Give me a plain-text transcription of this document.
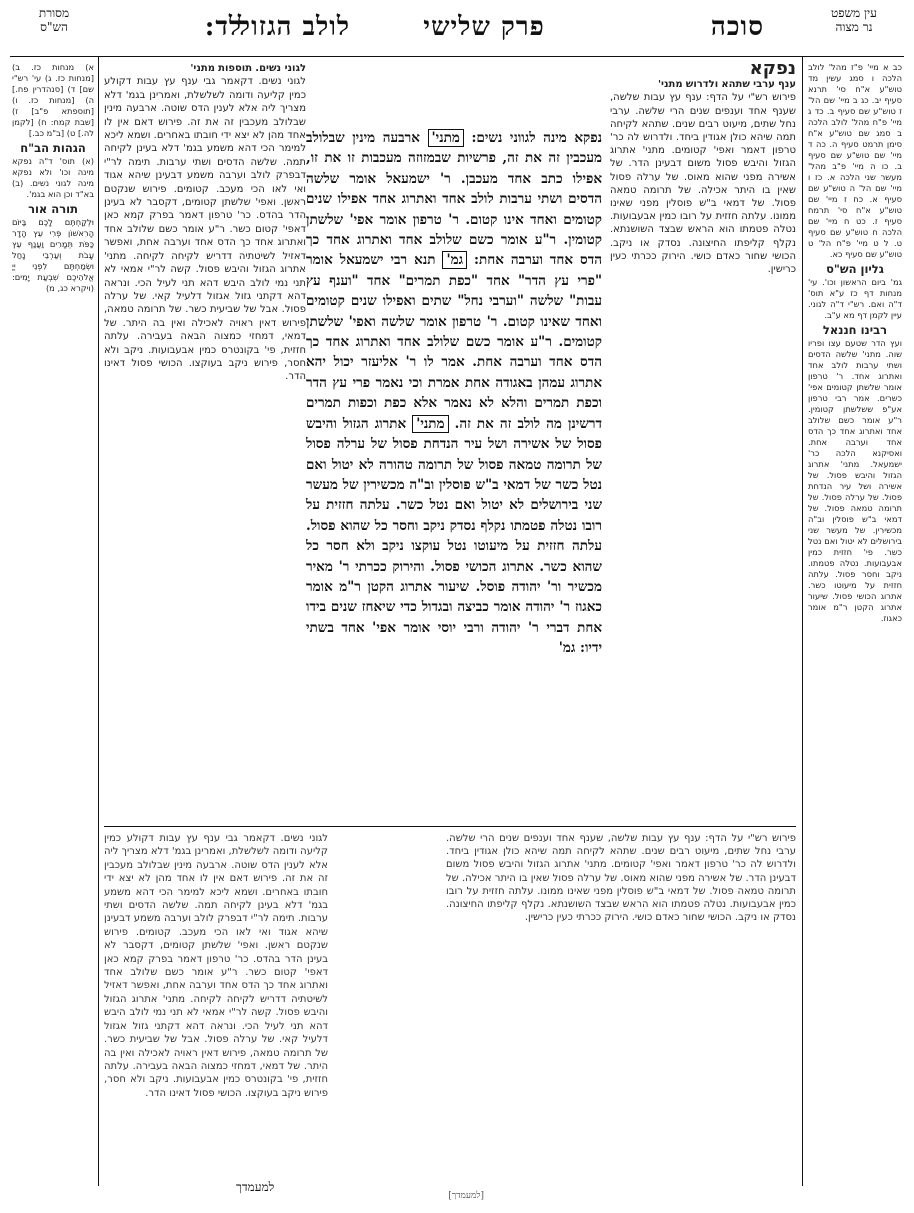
עין משפט
נר מצוה
לד:
לולב הגזול	פרק שלישי	סוכה
מסורת
הש"ס

כב א מיי' פ"ז מהל' לולב הלכה ו סמג עשין מד טוש"ע א"ח סי' תרנא סעיף יב. כג ב מיי' שם הל' ז טוש"ע שם סעיף ב. כד ג מיי' פ"ח מהל' לולב הלכה ב סמג שם טוש"ע א"ח סימן תרמט סעיף ה. כה ד מיי' שם טוש"ע שם סעיף ב. כו ה מיי' פ"ב מהל' מעשר שני הלכה א. כז ו מיי' שם הל' ה טוש"ע שם סעיף א. כח ז מיי' שם טוש"ע א"ח סי' תרמח סעיף ז. כט ח מיי' שם הלכה ח טוש"ע שם סעיף ט. ל ט מיי' פ"ח הל' ט טוש"ע שם סעיף כא.

גליון הש"ס

גמ' ביום הראשון וכו'. עי' מנחות דף כז ע"א תוס' ד"ה ואם. רש"י ד"ה לגוני. עיין לקמן דף מא ע"ב.

רבינו חננאל

ועץ הדר שטעם עצו ופריו שוה. מתני' שלשה הדסים ושתי ערבות לולב אחד ואתרוג אחד. ר' טרפון אומר שלשתן קטומים אפי' כשרים. אמר רבי טרפון אע"פ ששלשתן קטומין. ר"ע אומר כשם שלולב אחד ואתרוג אחד כך הדס אחד וערבה אחת. ואסיקנא הלכה כר' ישמעאל. מתני' אתרוג הגזול והיבש פסול. של אשירה ושל עיר הנדחת פסול. של ערלה פסול. של תרומה טמאה פסול. של דמאי ב"ש פוסלין וב"ה מכשירין. של מעשר שני בירושלים לא יטול ואם נטל כשר. פי' חזזית כמין אבעבועות. נטלה פטמתו. ניקב וחסר פסול. עלתה חזזית על מיעוטו כשר. אתרוג הכושי פסול. שיעור אתרוג הקטן ר"מ אומר כאגוז.

א) מנחות כז. ב) [מנחות כז. ג) עי' רש"י שם] ד) [סנהדרין פח.] ה) [מנחות כז. ו) [תוספתא פ"ב] ז) [שבת קמח: ח) [לקמן לה.] ט) [ב"מ כב.]

הגהות הב"ח

(א) תוס' ד"ה נפקא מינה וכו' ולא נפקא מינה לגוני נשים. (ב) בא"ד וכן הוא בגמ'.

תורה אור

וּלְקַחְתֶּם לָכֶם בַּיּוֹם הָרִאשׁוֹן פְּרִי עֵץ הָדָר כַּפֹּת תְּמָרִים וַעֲנַף עֵץ עָבֹת וְעַרְבֵי נָחַל וּשְׂמַחְתֶּם לִפְנֵי יְיָ אֱלֹהֵיכֶם שִׁבְעַת יָמִים: (ויקרא כג, מ)

נפקא

ענף ערבי שתהא ולדרוש מתני'

פירוש רש"י על הדף: ענף עץ עבות שלשה, שענף אחד וענפים שנים הרי שלשה. ערבי נחל שתים, מיעוט רבים שנים. שתהא לקיחה תמה שיהא כולן אגודין ביחד. ולדרוש לה כר' טרפון דאמר ואפי' קטומים. מתני' אתרוג הגזול והיבש פסול משום דבעינן הדר. של אשירה מפני שהוא מאוס. של ערלה פסול שאין בו היתר אכילה. של תרומה טמאה פסול. של דמאי ב"ש פוסלין מפני שאינו ממונו. עלתה חזזית על רובו כמין אבעבועות. נטלה פטמתו הוא הראש שבצד השושנתא. נקלף קליפתו החיצונה. נסדק או ניקב. הכושי שחור כאדם כושי. הירוק ככרתי כעין כרישין.

לגוני נשים. תוספות מתני'

לגוני נשים. דקאמר גבי ענף עץ עבות דקולע כמין קליעה ודומה לשלשלת, ואמרינן בגמ' דלא מצריך ליה אלא לענין הדס שוטה. ארבעה מינין שבלולב מעכבין זה את זה. פירוש דאם אין לו אחד מהן לא יצא ידי חובתו באחרים. ושמא ליכא למימר הכי דהא משמע בגמ' דלא בעינן לקיחה תמה. שלשה הדסים ושתי ערבות. תימה לר"י דבפרק לולב וערבה משמע דבעינן שיהא אגוד ואי לאו הכי מעכב. קטומים. פירוש שנקטם ראשן. ואפי' שלשתן קטומים, דקסבר לא בעינן הדר בהדס. כר' טרפון דאמר בפרק קמא כאן דאפי' קטום כשר. ר"ע אומר כשם שלולב אחד ואתרוג אחד כך הדס אחד וערבה אחת, ואפשר דאזיל לשיטתיה דדריש לקיחה לקיחה. מתני' אתרוג הגזול והיבש פסול. קשה לר"י אמאי לא תני נמי לולב היבש דהא תני לעיל הכי. ונראה דהא דקתני גזול אגזול דלעיל קאי. של ערלה פסול. אבל של שביעית כשר. של תרומה טמאה, פירוש דאין ראויה לאכילה ואין בה היתר. של דמאי, דמחזי כמצוה הבאה בעבירה. עלתה חזזית, פי' בקונטרס כמין אבעבועות. ניקב ולא חסר, פירוש ניקב בעוקצו. הכושי פסול דאינו הדר.

נפקא מינה לגווני נשים: מתני' ארבעה מינין שבלולב מעכבין זה את זה, פרשיות שבמזוזה מעכבות זו את זו, אפילו כתב אחד מעכבן. ר' ישמעאל אומר שלשה הדסים ושתי ערבות לולב אחד ואתרוג אחד אפילו שנים קטומים ואחד אינו קטום. ר' טרפון אומר אפי' שלשתן קטומין. ר"ע אומר כשם שלולב אחד ואתרוג אחד כך הדס אחד וערבה אחת: גמ' תנא רבי ישמעאל אומר "פרי עץ הדר" אחד "כפת תמרים" אחד "וענף עץ עבות" שלשה "וערבי נחל" שתים ואפילו שנים קטומים ואחד שאינו קטום. ר' טרפון אומר שלשה ואפי' שלשתן קטומים. ר"ע אומר כשם שלולב אחד ואתרוג אחד כך הדס אחד וערבה אחת. אמר לו ר' אליעזר יכול יהא אתרוג עמהן באגודה אחת אמרת וכי נאמר פרי עץ הדר וכפת תמרים והלא לא נאמר אלא כפת וכפות תמרים דרשינן מה לולב זה את זה. מתני' אתרוג הגזול והיבש פסול של אשירה ושל עיר הנדחת פסול של ערלה פסול של תרומה טמאה פסול של תרומה טהורה לא יטול ואם נטל כשר של דמאי ב"ש פוסלין וב"ה מכשירין של מעשר שני בירושלים לא יטול ואם נטל כשר. עלתה חזזית על רובו נטלה פטמתו נקלף נסדק ניקב וחסר כל שהוא פסול. עלתה חזזית על מיעוטו נטל עוקצו ניקב ולא חסר כל שהוא כשר. אתרוג הכושי פסול. והירוק ככרתי ר' מאיר מכשיר ור' יהודה פוסל. שיעור אתרוג הקטן ר"מ אומר כאגוז ר' יהודה אומר כביצה ובגדול כדי שיאחז שנים בידו אחת דברי ר' יהודה ורבי יוסי אומר אפי' אחד בשתי ידיו: גמ'

פירוש רש"י על הדף: ענף עץ עבות שלשה, שענף אחד וענפים שנים הרי שלשה. ערבי נחל שתים, מיעוט רבים שנים. שתהא לקיחה תמה שיהא כולן אגודין ביחד. ולדרוש לה כר' טרפון דאמר ואפי' קטומים. מתני' אתרוג הגזול והיבש פסול משום דבעינן הדר. של אשירה מפני שהוא מאוס. של ערלה פסול שאין בו היתר אכילה. של תרומה טמאה פסול. של דמאי ב"ש פוסלין מפני שאינו ממונו. עלתה חזזית על רובו כמין אבעבועות. נטלה פטמתו הוא הראש שבצד השושנתא. נקלף קליפתו החיצונה. נסדק או ניקב. הכושי שחור כאדם כושי. הירוק ככרתי כעין כרישין.

לגוני נשים. דקאמר גבי ענף עץ עבות דקולע כמין קליעה ודומה לשלשלת, ואמרינן בגמ' דלא מצריך ליה אלא לענין הדס שוטה. ארבעה מינין שבלולב מעכבין זה את זה. פירוש דאם אין לו אחד מהן לא יצא ידי חובתו באחרים. ושמא ליכא למימר הכי דהא משמע בגמ' דלא בעינן לקיחה תמה. שלשה הדסים ושתי ערבות. תימה לר"י דבפרק לולב וערבה משמע דבעינן שיהא אגוד ואי לאו הכי מעכב. קטומים. פירוש שנקטם ראשן. ואפי' שלשתן קטומים, דקסבר לא בעינן הדר בהדס. כר' טרפון דאמר בפרק קמא כאן דאפי' קטום כשר. ר"ע אומר כשם שלולב אחד ואתרוג אחד כך הדס אחד וערבה אחת, ואפשר דאזיל לשיטתיה דדריש לקיחה לקיחה. מתני' אתרוג הגזול והיבש פסול. קשה לר"י אמאי לא תני נמי לולב היבש דהא תני לעיל הכי. ונראה דהא דקתני גזול אגזול דלעיל קאי. של ערלה פסול. אבל של שביעית כשר. של תרומה טמאה, פירוש דאין ראויה לאכילה ואין בה היתר. של דמאי, דמחזי כמצוה הבאה בעבירה. עלתה חזזית, פי' בקונטרס כמין אבעבועות. ניקב ולא חסר, פירוש ניקב בעוקצו. הכושי פסול דאינו הדר.

למעמדך
[למעמדך]
